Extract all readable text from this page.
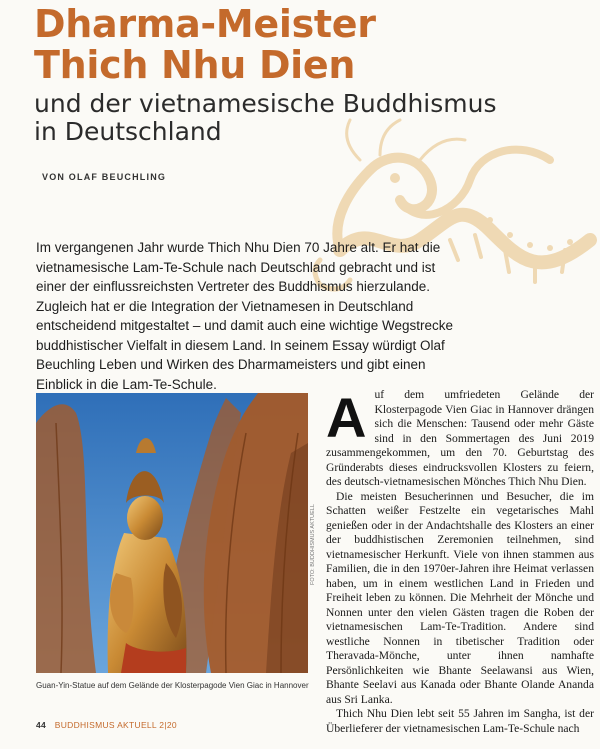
Dharma-Meister
Thich Nhu Dien
und der vietnamesische Buddhismus
in Deutschland
VON OLAF BEUCHLING
Im vergangenen Jahr wurde Thich Nhu Dien 70 Jahre alt. Er hat die vietnamesische Lam-Te-Schule nach Deutschland gebracht und ist einer der einflussreichsten Vertreter des Buddhismus hierzulande. Zugleich hat er die Integration der Vietnamesen in Deutschland entscheidend mitgestaltet – und damit auch eine wichtige Wegstrecke buddhistischer Vielfalt in diesem Land. In seinem Essay würdigt Olaf Beuchling Leben und Wirken des Dharmameisters und gibt einen Einblick in die Lam-Te-Schule.
FOTO: BUDDHISMUS AKTUELL
Guan-Yin-Statue auf dem Gelände der Klosterpagode Vien Giac in Hannover

Auf dem umfriedeten Gelände der Klosterpagode Vien Giac in Hannover drängen sich die Menschen: Tausend oder mehr Gäste sind in den Sommertagen des Juni 2019 zusammengekommen, um den 70. Geburtstag des Gründerabts dieses eindrucksvollen Klosters zu feiern, des deutsch-vietnamesischen Mönches Thich Nhu Dien.

Die meisten Besucherinnen und Besucher, die im Schatten weißer Festzelte ein vegetarisches Mahl genießen oder in der Andachtshalle des Klosters an einer der buddhistischen Zeremonien teilnehmen, sind vietnamesischer Herkunft. Viele von ihnen stammen aus Familien, die in den 1970er-Jahren ihre Heimat verlassen haben, um in einem westlichen Land in Frieden und Freiheit leben zu können. Die Mehrheit der Mönche und Nonnen unter den vielen Gästen tragen die Roben der vietnamesischen Lam-Te-Tradition. Andere sind westliche Nonnen in tibetischer Tradition oder Theravada-Mönche, unter ihnen namhafte Persönlichkeiten wie Bhante Seelawansi aus Wien, Bhante Seelavi aus Kanada oder Bhante Olande Ananda aus Sri Lanka.

Thich Nhu Dien lebt seit 55 Jahren im Sangha, ist der Überlieferer der vietnamesischen Lam-Te-Schule nach

44 BUDDHISMUS AKTUELL 2|20
